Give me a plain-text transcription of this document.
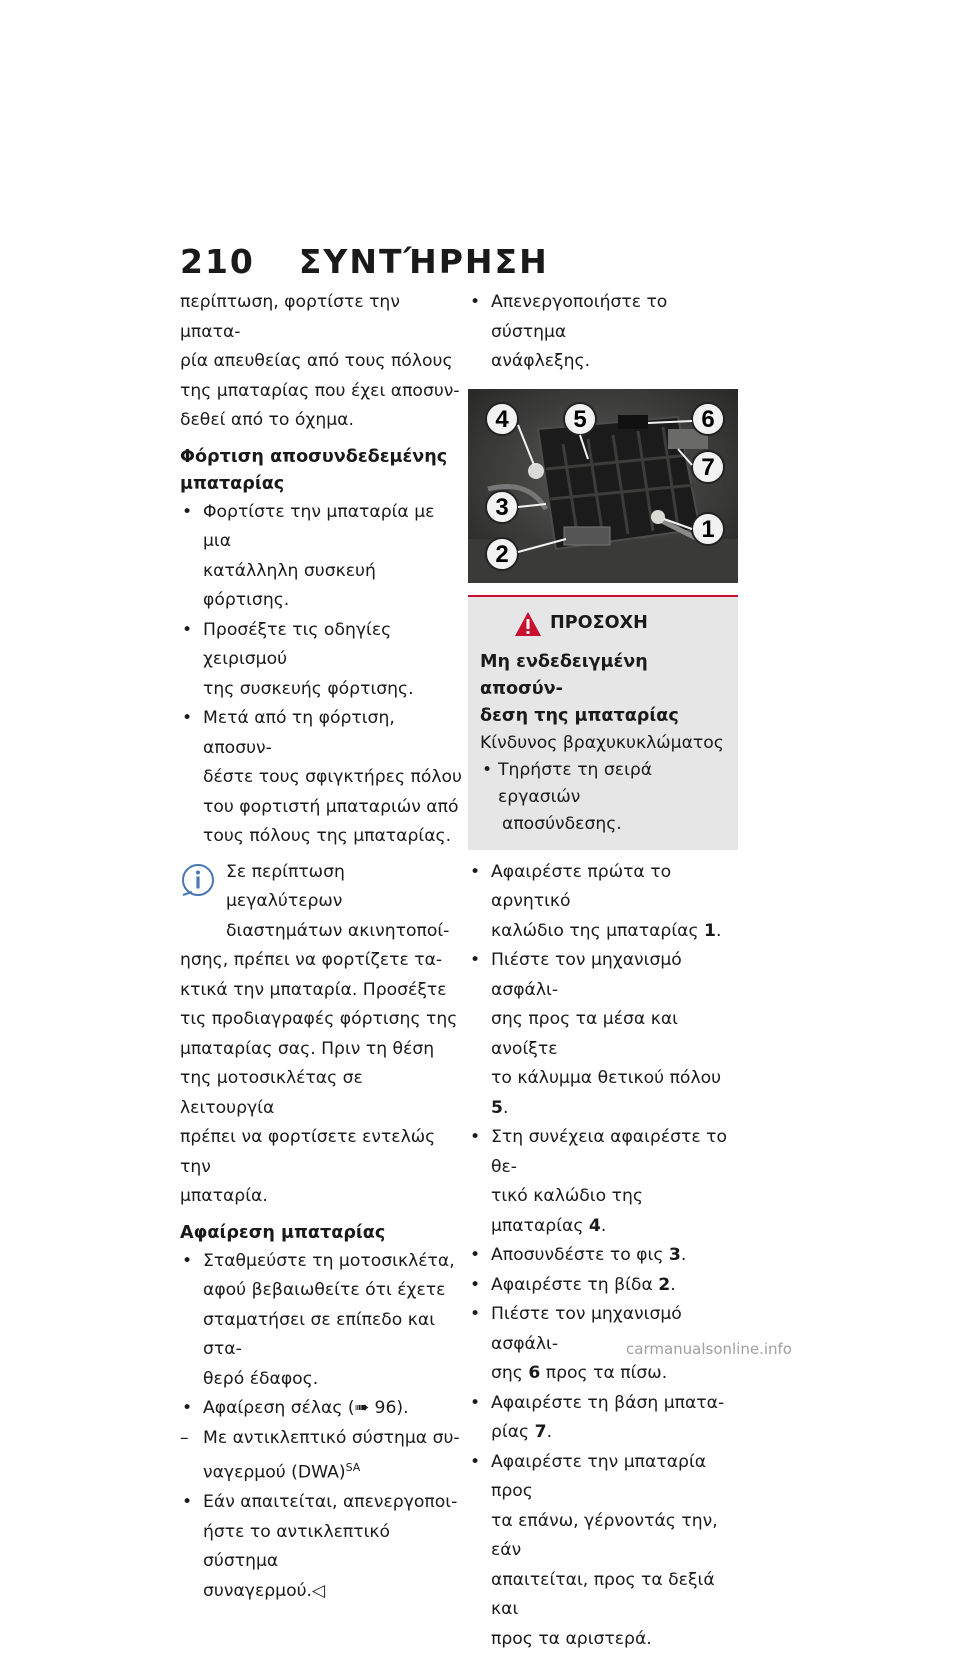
210 ΣΥΝΤΉΡΗΣΗ

περίπτωση, φορτίστε την μπατα-

ρία απευθείας από τους πόλους

της μπαταρίας που έχει αποσυν-

δεθεί από το όχημα.

Φόρτιση αποσυνδεδεμένης
μπαταρίας

• Φορτίστε την μπαταρία με μια
κατάλληλη συσκευή φόρτισης.
• Προσέξτε τις οδηγίες χειρισμού
της συσκευής φόρτισης.
• Μετά από τη φόρτιση, αποσυν-
δέστε τους σφιγκτήρες πόλου
του φορτιστή μπαταριών από
τους πόλους της μπαταρίας.

Σε περίπτωση μεγαλύτερων

διαστημάτων ακινητοποί-

ησης, πρέπει να φορτίζετε τα-

κτικά την μπαταρία. Προσέξτε

τις προδιαγραφές φόρτισης της

μπαταρίας σας. Πριν τη θέση

της μοτοσικλέτας σε λειτουργία

πρέπει να φορτίσετε εντελώς την

μπαταρία.

Αφαίρεση μπαταρίας

• Σταθμεύστε τη μοτοσικλέτα,
αφού βεβαιωθείτε ότι έχετε
σταματήσει σε επίπεδο και στα-
θερό έδαφος.
• Αφαίρεση σέλας (➠ 96).
– Με αντικλεπτικό σύστημα συ-
ναγερμού (DWA)$^{SA}$
• Εάν απαιτείται, απενεργοποι-
ήστε το αντικλεπτικό σύστημα
συναγερμού.◁
• Απενεργοποιήστε το σύστημα
ανάφλεξης.
1
2
3
4	5	6
7
ΠΡΟΣΟΧΗ
Μη ενδεδειγμένη αποσύν-
δεση της μπαταρίας
Κίνδυνος βραχυκυκλώματος
• Τηρήστε τη σειρά εργασιών
αποσύνδεσης.
• Αφαιρέστε πρώτα το αρνητικό
καλώδιο της μπαταρίας 1.
• Πιέστε τον μηχανισμό ασφάλι-
σης προς τα μέσα και ανοίξτε
το κάλυμμα θετικού πόλου 5.
• Στη συνέχεια αφαιρέστε το θε-
τικό καλώδιο της μπαταρίας 4.
• Αποσυνδέστε το φις 3.
• Αφαιρέστε τη βίδα 2.
• Πιέστε τον μηχανισμό ασφάλι-
σης 6 προς τα πίσω.
• Αφαιρέστε τη βάση μπατα-
ρίας 7.
• Αφαιρέστε την μπαταρία προς
τα επάνω, γέρνοντάς την, εάν
απαιτείται, προς τα δεξιά και
προς τα αριστερά.
carmanualsonline.info
